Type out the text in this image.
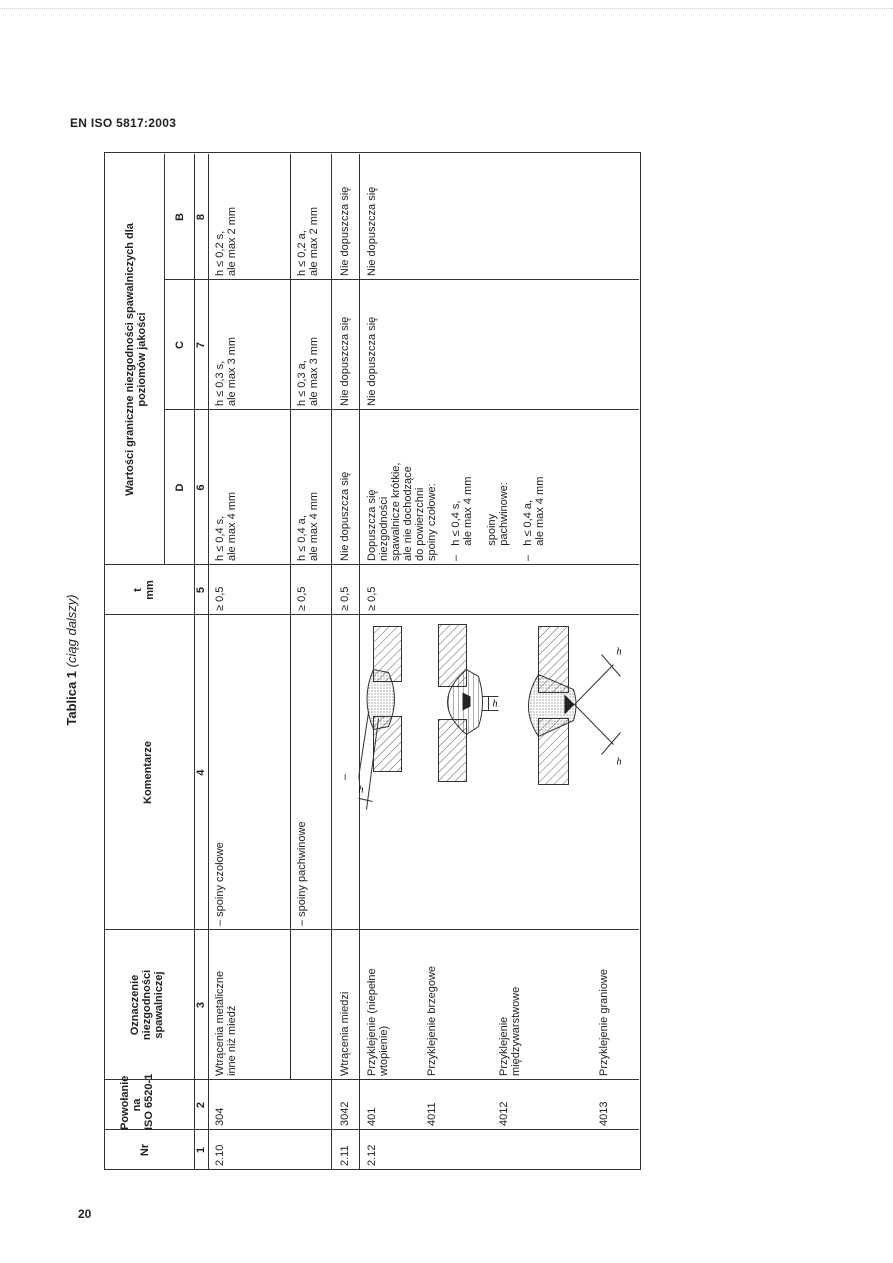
EN ISO 5817:2003
Tablica 1 (ciąg dalszy)
Nr
Powołanie
na
ISO 6520-1
Oznaczenie
niezgodności
spawalniczej
Komentarze
t
mm
Wartości graniczne niezgodności spawalniczych dla
poziomów jakości
D
C
B
1
2
3
4
5
6
7
8
2.10
304
Wtrącenia metaliczne
inne niż miedź
– spoiny czołowe
≥ 0,5
h ≤ 0,4 s,
ale max 4 mm
h ≤ 0,3 s,
ale max 3 mm
h ≤ 0,2 s,
ale max 2 mm
– spoiny pachwinowe
≥ 0,5
h ≤ 0,4 a,
ale max 4 mm
h ≤ 0,3 a,
ale max 3 mm
h ≤ 0,2 a,
ale max 2 mm
2.11
3042
Wtrącenia miedzi
–
≥ 0,5
Nie dopuszcza się
Nie dopuszcza się
Nie dopuszcza się
2.12
401
Przyklejenie (niepełne
wtopienie)
≥ 0,5
Dopuszcza się
niezgodności
spawalnicze krótkie,
ale nie dochodzące
do powierzchni
spoiny czołowe:

–   h ≤ 0,4 s,
ale max 4 mm

spoiny
pachwinowe:

–   h ≤ 0,4 a,
ale max 4 mm
Nie dopuszcza się
Nie dopuszcza się
4011
Przyklejenie brzegowe
4012
Przyklejenie
międzywarstwowe
4013
Przyklejenie graniowe
h
h
h
h
20
